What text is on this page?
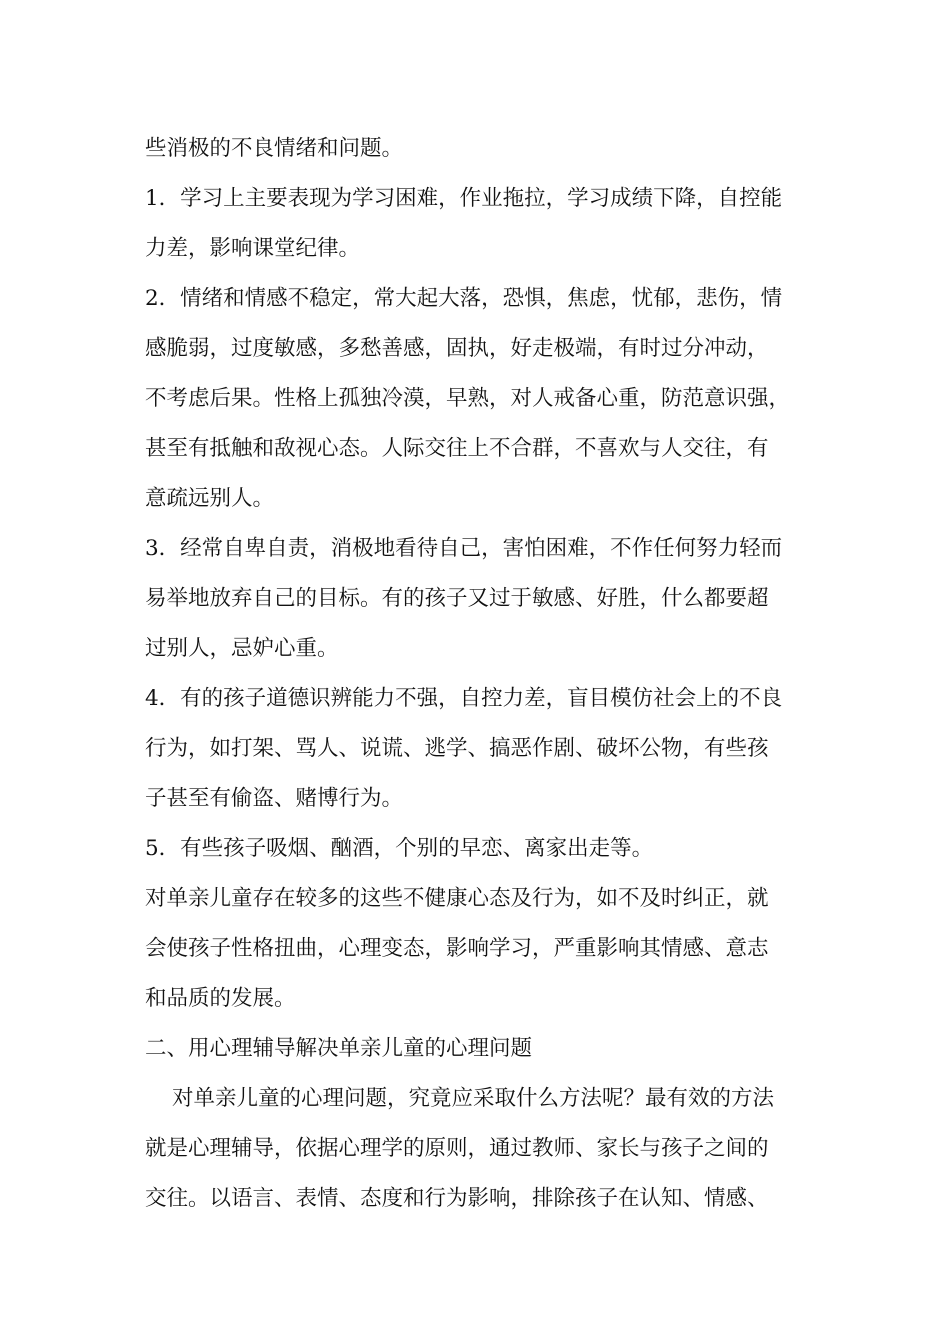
些消极的不良情绪和问题。
1．学习上主要表现为学习困难，作业拖拉，学习成绩下降，自控能
力差，影响课堂纪律。
2．情绪和情感不稳定，常大起大落，恐惧，焦虑，忧郁，悲伤，情
感脆弱，过度敏感，多愁善感，固执，好走极端，有时过分冲动，
不考虑后果。性格上孤独冷漠，早熟，对人戒备心重，防范意识强，
甚至有抵触和敌视心态。人际交往上不合群，不喜欢与人交往，有
意疏远别人。
3．经常自卑自责，消极地看待自己，害怕困难，不作任何努力轻而
易举地放弃自己的目标。有的孩子又过于敏感、好胜，什么都要超
过别人，忌妒心重。
4．有的孩子道德识辨能力不强，自控力差，盲目模仿社会上的不良
行为，如打架、骂人、说谎、逃学、搞恶作剧、破坏公物，有些孩
子甚至有偷盗、赌博行为。
5．有些孩子吸烟、酗酒，个别的早恋、离家出走等。
对单亲儿童存在较多的这些不健康心态及行为，如不及时纠正，就
会使孩子性格扭曲，心理变态，影响学习，严重影响其情感、意志
和品质的发展。
二、用心理辅导解决单亲儿童的心理问题
对单亲儿童的心理问题，究竟应采取什么方法呢？最有效的方法
就是心理辅导，依据心理学的原则，通过教师、家长与孩子之间的
交往。以语言、表情、态度和行为影响，排除孩子在认知、情感、
